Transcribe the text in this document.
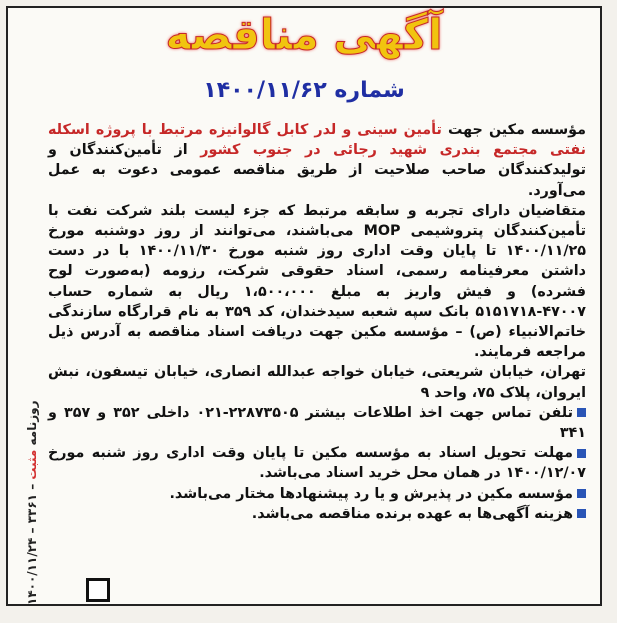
آگهی مناقصه
شماره ۱۴۰۰/۱۱/۶۲
مؤسسه مکین جهت تأمین سینی و لدر کابل گالوانیزه مرتبط با پروژه اسکله نفتی مجتمع بندری شهید رجائی در جنوب کشور از تأمین‌کنندگان و تولیدکنندگان صاحب صلاحیت از طریق مناقصه عمومی دعوت به عمل می‌آورد.
متقاضیان دارای تجربه و سابقه مرتبط که جزء لیست بلند شرکت نفت با تأمین‌کنندگان پتروشیمی MOP می‌باشند، می‌توانند از روز دوشنبه مورخ ۱۴۰۰/۱۱/۲۵ تا پایان وقت اداری روز شنبه مورخ ۱۴۰۰/۱۱/۳۰ با در دست داشتن معرفینامه رسمی، اسناد حقوقی شرکت، رزومه (به‌صورت لوح فشرده) و فیش واریز به مبلغ ۱،۵۰۰،۰۰۰ ریال به شماره حساب ۴۷۰۰۷-۵۱۵۱۷۱۸ بانک سپه شعبه سیدخندان، کد ۳۵۹ به نام قرارگاه سازندگی خاتم‌الانبیاء (ص) – مؤسسه مکین جهت دریافت اسناد مناقصه به آدرس ذیل مراجعه فرمایند.
تهران، خیابان شریعتی، خیابان خواجه عبدالله انصاری، خیابان تیسفون، نبش ایروان، پلاک ۷۵، واحد ۹
تلفن تماس جهت اخذ اطلاعات بیشتر ۲۲۸۷۳۵۰۵-۰۲۱ داخلی ۳۵۲ و ۳۵۷ و ۳۴۱
مهلت تحویل اسناد به مؤسسه مکین تا پایان وقت اداری روز شنبه مورخ ۱۴۰۰/۱۲/۰۷ در همان محل خرید اسناد می‌باشد.
مؤسسه مکین در پذیرش و یا رد پیشنهادها مختار می‌باشد.
هزینه آگهی‌ها به عهده برنده مناقصه می‌باشد.
روزنامه مثبت – ۳۳۶۱ – ۱۴۰۰/۱۱/۲۴
